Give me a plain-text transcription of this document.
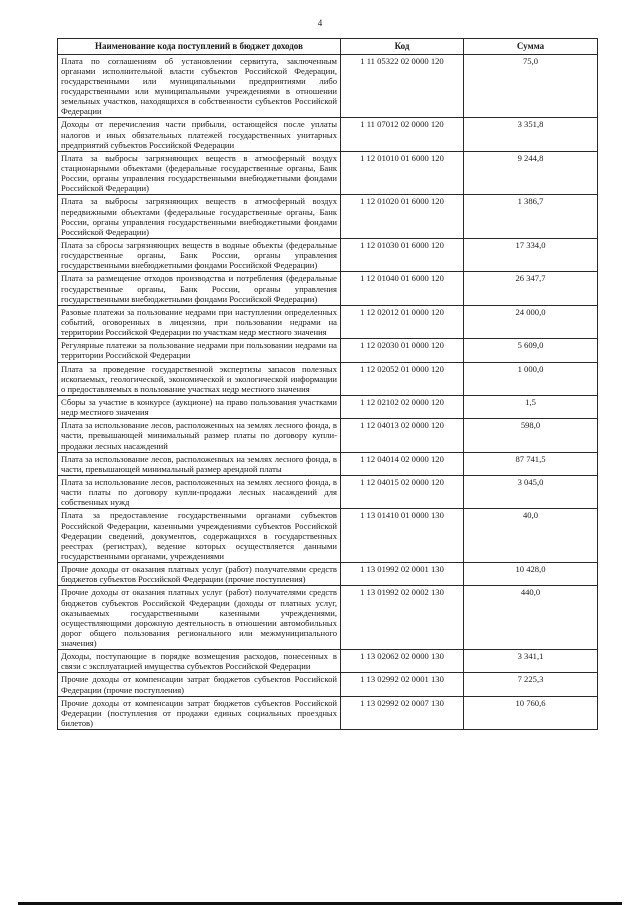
4
Наименование кода поступлений в бюджет доходов	Код	Сумма
Плата по соглашениям об установлении сервитута, заключенным органами исполнительной власти субъектов Российской Федерации, государственными или муниципальными предприятиями либо государственными или муниципальными учреждениями в отношении земельных участков, находящихся в собственности субъектов Российской Федерации	1 11 05322 02 0000 120	75,0
Доходы от перечисления части прибыли, остающейся после уплаты налогов и иных обязательных платежей государственных унитарных предприятий субъектов Российской Федерации	1 11 07012 02 0000 120	3 351,8
Плата за выбросы загрязняющих веществ в атмосферный воздух стационарными объектами (федеральные государственные органы, Банк России, органы управления государственными внебюджетными фондами Российской Федерации)	1 12 01010 01 6000 120	9 244,8
Плата за выбросы загрязняющих веществ в атмосферный воздух передвижными объектами (федеральные государственные органы, Банк России, органы управления государственными внебюджетными фондами Российской Федерации)	1 12 01020 01 6000 120	1 386,7
Плата за сбросы загрязняющих веществ в водные объекты (федеральные государственные органы, Банк России, органы управления государственными внебюджетными фондами Российской Федерации)	1 12 01030 01 6000 120	17 334,0
Плата за размещение отходов производства и потребления (федеральные государственные органы, Банк России, органы управления государственными внебюджетными фондами Российской Федерации)	1 12 01040 01 6000 120	26 347,7
Разовые платежи за пользование недрами при наступлении определенных событий, оговоренных в лицензии, при пользовании недрами на территории Российской Федерации по участкам недр местного значения	1 12 02012 01 0000 120	24 000,0
Регулярные платежи за пользование недрами при пользовании недрами на территории Российской Федерации	1 12 02030 01 0000 120	5 609,0
Плата за проведение государственной экспертизы запасов полезных ископаемых, геологической, экономической и экологической информации о предоставляемых в пользование участках недр местного значения	1 12 02052 01 0000 120	1 000,0
Сборы за участие в конкурсе (аукционе) на право пользования участками недр местного значения	1 12 02102 02 0000 120	1,5
Плата за использование лесов, расположенных на землях лесного фонда, в части, превышающей минимальный размер платы по договору купли-продажи лесных насаждений	1 12 04013 02 0000 120	598,0
Плата за использование лесов, расположенных на землях лесного фонда, в части, превышающей минимальный размер арендной платы	1 12 04014 02 0000 120	87 741,5
Плата за использование лесов, расположенных на землях лесного фонда, в части платы по договору купли-продажи лесных насаждений для собственных нужд	1 12 04015 02 0000 120	3 045,0
Плата за предоставление государственными органами субъектов Российской Федерации, казенными учреждениями субъектов Российской Федерации сведений, документов, содержащихся в государственных реестрах (регистрах), ведение которых осуществляется данными государственными органами, учреждениями	1 13 01410 01 0000 130	40,0
Прочие доходы от оказания платных услуг (работ) получателями средств бюджетов субъектов Российской Федерации (прочие поступления)	1 13 01992 02 0001 130	10 428,0
Прочие доходы от оказания платных услуг (работ) получателями средств бюджетов субъектов Российской Федерации (доходы от платных услуг, оказываемых государственными казенными учреждениями, осуществляющими дорожную деятельность в отношении автомобильных дорог общего пользования регионального или межмуниципального значения)	1 13 01992 02 0002 130	440,0
Доходы, поступающие в порядке возмещения расходов, понесенных в связи с эксплуатацией имущества субъектов Российской Федерации	1 13 02062 02 0000 130	3 341,1
Прочие доходы от компенсации затрат бюджетов субъектов Российской Федерации (прочие поступления)	1 13 02992 02 0001 130	7 225,3
Прочие доходы от компенсации затрат бюджетов субъектов Российской Федерации (поступления от продажи единых социальных проездных билетов)	1 13 02992 02 0007 130	10 760,6
